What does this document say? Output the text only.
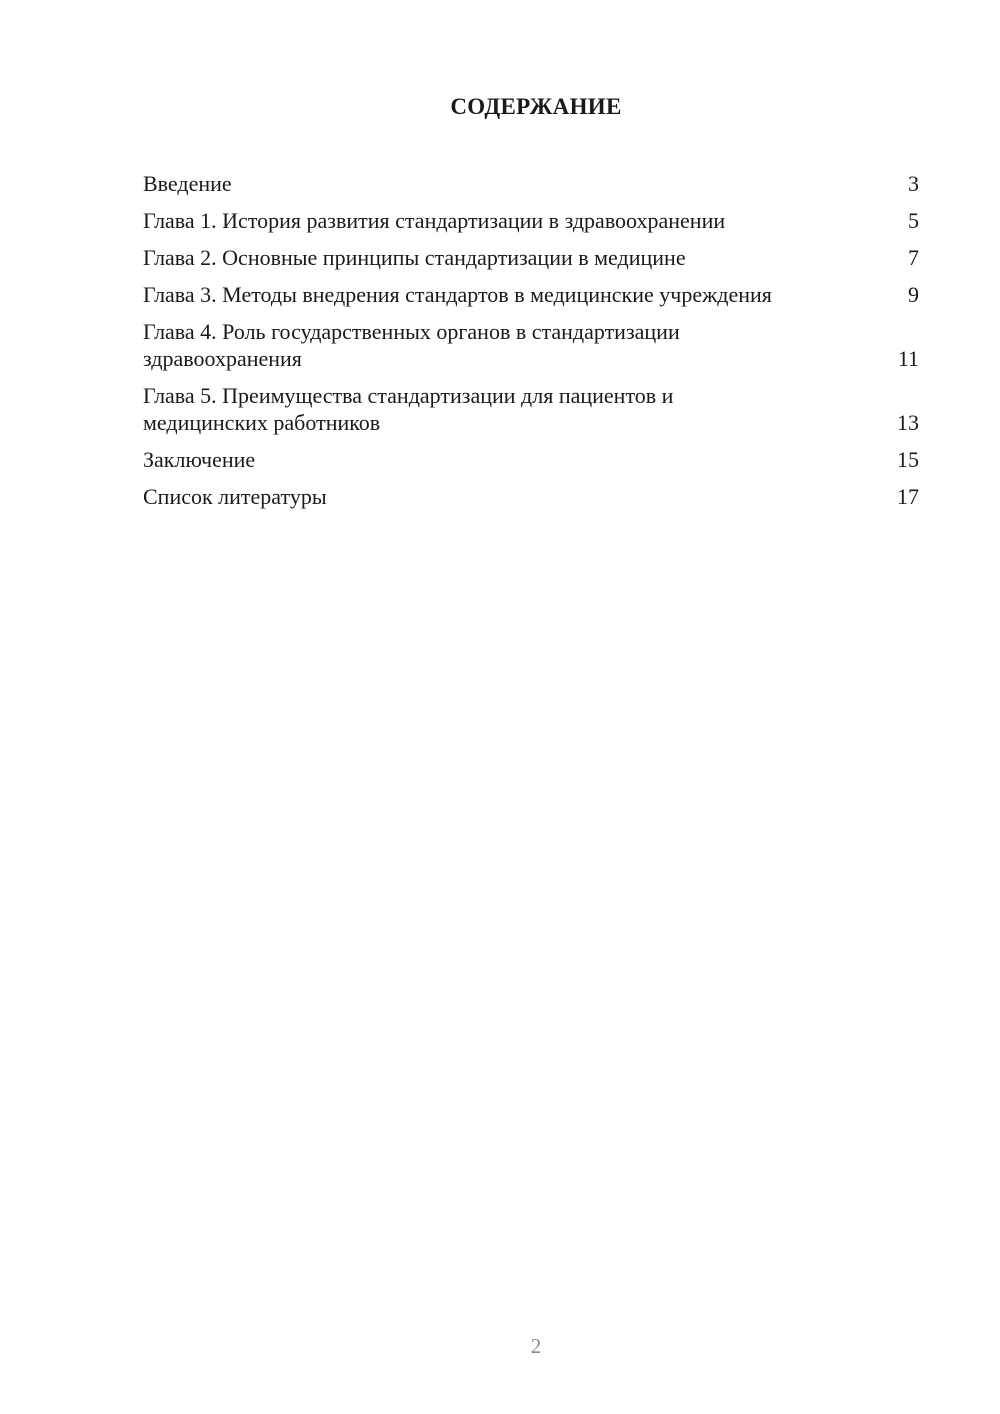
СОДЕРЖАНИЕ
Введение	3
Глава 1. История развития стандартизации в здравоохранении	5
Глава 2. Основные принципы стандартизации в медицине	7
Глава 3. Методы внедрения стандартов в медицинские учреждения	9
Глава 4. Роль государственных органов в стандартизации здравоохранения	11
Глава 5. Преимущества стандартизации для пациентов и медицинских работников	13
Заключение	15
Список литературы	17
2
